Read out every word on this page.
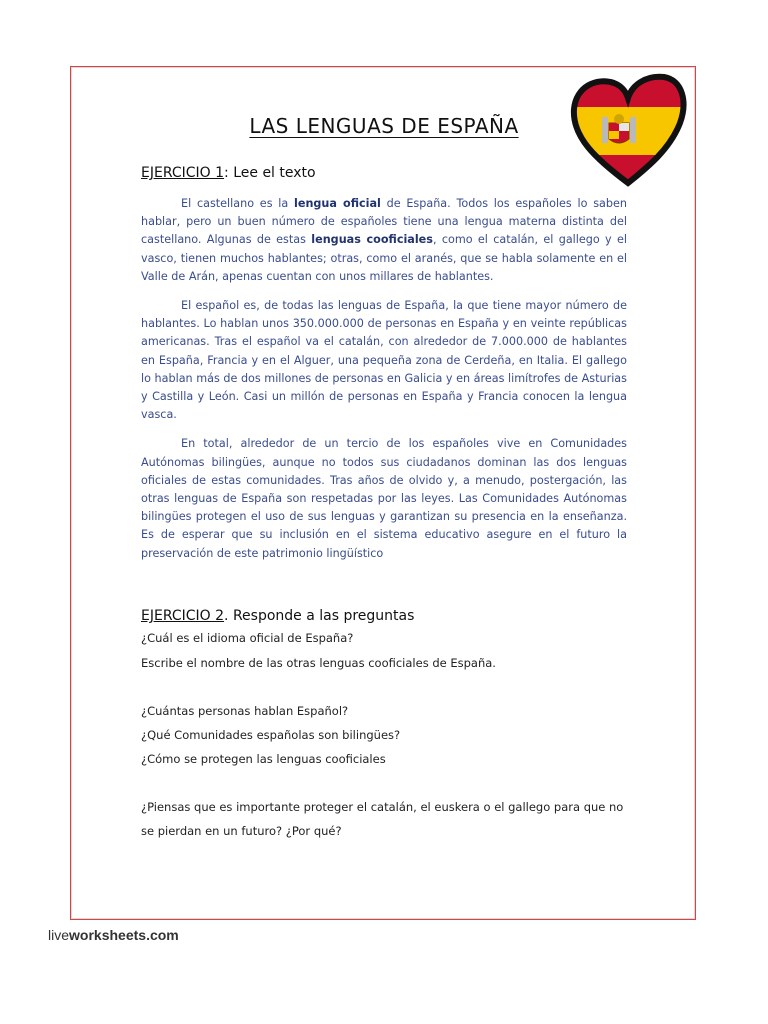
LAS LENGUAS DE ESPAÑA
EJERCICIO 1: Lee el texto

El castellano es la lengua oficial de España. Todos los españoles lo saben hablar, pero un buen número de españoles tiene una lengua materna distinta del castellano. Algunas de estas lenguas cooficiales, como el catalán, el gallego y el vasco, tienen muchos hablantes; otras, como el aranés, que se habla solamente en el Valle de Arán, apenas cuentan con unos millares de hablantes.

El español es, de todas las lenguas de España, la que tiene mayor número de hablantes. Lo hablan unos 350.000.000 de personas en España y en veinte repúblicas americanas. Tras el español va el catalán, con alrededor de 7.000.000 de hablantes en España, Francia y en el Alguer, una pequeña zona de Cerdeña, en Italia. El gallego lo hablan más de dos millones de personas en Galicia y en áreas limítrofes de Asturias y Castilla y León. Casi un millón de personas en España y Francia conocen la lengua vasca.

En total, alrededor de un tercio de los españoles vive en Comunidades Autónomas bilingües, aunque no todos sus ciudadanos dominan las dos lenguas oficiales de estas comunidades. Tras años de olvido y, a menudo, postergación, las otras lenguas de España son respetadas por las leyes. Las Comunidades Autónomas bilingües protegen el uso de sus lenguas y garantizan su presencia en la enseñanza. Es de esperar que su inclusión en el sistema educativo asegure en el futuro la preservación de este patrimonio lingüístico

EJERCICIO 2. Responde a las preguntas
¿Cuál es el idioma oficial de España?
Escribe el nombre de las otras lenguas cooficiales de España.
¿Cuántas personas hablan Español?
¿Qué Comunidades españolas son bilingües?
¿Cómo se protegen las lenguas cooficiales
¿Piensas que es importante proteger el catalán, el euskera o el gallego para que no
se pierdan en un futuro? ¿Por qué?
liveworksheets.com
